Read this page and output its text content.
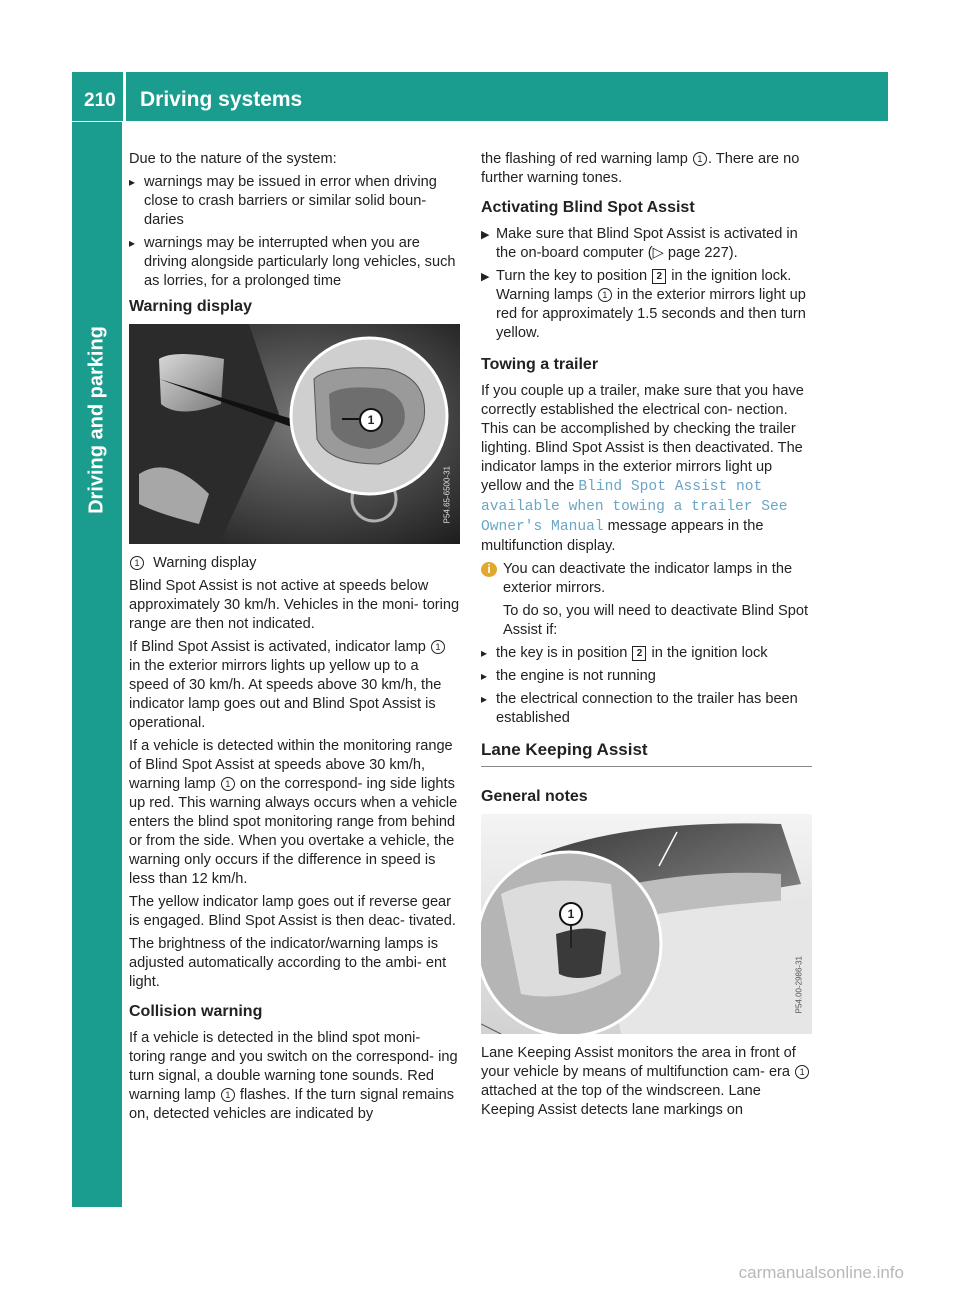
210 Driving systems
Driving and parking

Due to the nature of the system:

▸ warnings may be issued in error when driving close to crash barriers or similar solid boun- daries
▸ warnings may be interrupted when you are driving alongside particularly long vehicles, such as lorries, for a prolonged time
Warning display
1
P54.65-6500-31

1 Warning display

Blind Spot Assist is not active at speeds below approximately 30 km/h. Vehicles in the moni- toring range are then not indicated.

If Blind Spot Assist is activated, indicator lamp 1 in the exterior mirrors lights up yellow up to a speed of 30 km/h. At speeds above 30 km/h, the indicator lamp goes out and Blind Spot Assist is operational.

If a vehicle is detected within the monitoring range of Blind Spot Assist at speeds above 30 km/h, warning lamp 1 on the correspond- ing side lights up red. This warning always occurs when a vehicle enters the blind spot monitoring range from behind or from the side. When you overtake a vehicle, the warning only occurs if the difference in speed is less than 12 km/h.

The yellow indicator lamp goes out if reverse gear is engaged. Blind Spot Assist is then deac- tivated.

The brightness of the indicator/warning lamps is adjusted automatically according to the ambi- ent light.

Collision warning

If a vehicle is detected in the blind spot moni- toring range and you switch on the correspond- ing turn signal, a double warning tone sounds. Red warning lamp 1 flashes. If the turn signal remains on, detected vehicles are indicated by

the flashing of red warning lamp 1 . There are no further warning tones.

Activating Blind Spot Assist
▶ Make sure that Blind Spot Assist is activated in the on-board computer (▷ page 227).
▶ Turn the key to position 2 in the ignition lock.
Warning lamps 1 in the exterior mirrors light up red for approximately 1.5 seconds and then turn yellow.
Towing a trailer

If you couple up a trailer, make sure that you have correctly established the electrical con- nection. This can be accomplished by checking the trailer lighting. Blind Spot Assist is then deactivated. The indicator lamps in the exterior mirrors light up yellow and the Blind Spot Assist not available when towing a trailer See Owner's Manual message appears in the multifunction display.

i You can deactivate the indicator lamps in the exterior mirrors.

To do so, you will need to deactivate Blind Spot Assist if:

▸ the key is in position 2 in the ignition lock
▸ the engine is not running
▸ the electrical connection to the trailer has been established
Lane Keeping Assist
General notes
1
P54.00-2986-31

Lane Keeping Assist monitors the area in front of your vehicle by means of multifunction cam- era 1 attached at the top of the windscreen. Lane Keeping Assist detects lane markings on

carmanualsonline.info
